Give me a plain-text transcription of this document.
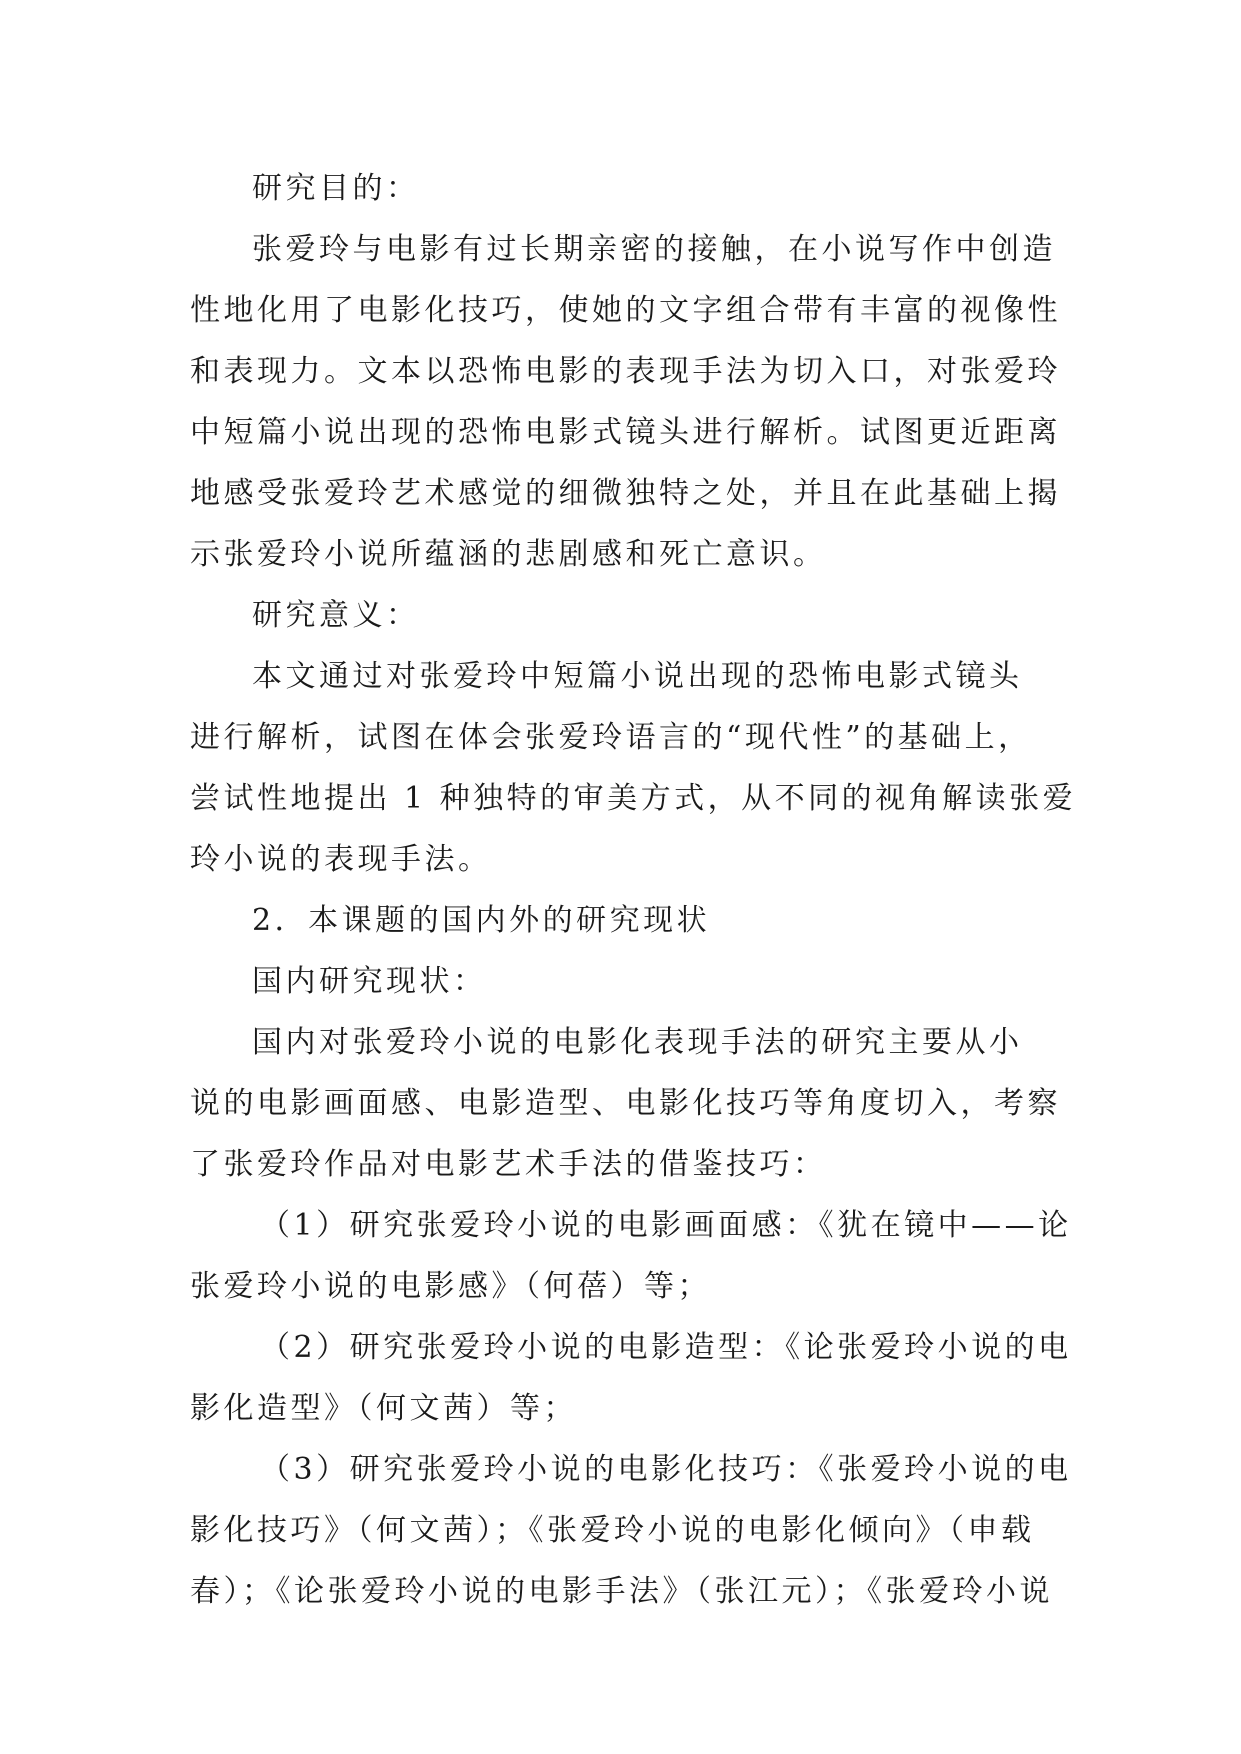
研究目的：
张爱玲与电影有过长期亲密的接触，在小说写作中创造
性地化用了电影化技巧，使她的文字组合带有丰富的视像性
和表现力。文本以恐怖电影的表现手法为切入口，对张爱玲
中短篇小说出现的恐怖电影式镜头进行解析。试图更近距离
地感受张爱玲艺术感觉的细微独特之处，并且在此基础上揭
示张爱玲小说所蕴涵的悲剧感和死亡意识。
研究意义：
本文通过对张爱玲中短篇小说出现的恐怖电影式镜头
进行解析，试图在体会张爱玲语言的“现代性”的基础上，
尝试性地提出 1 种独特的审美方式，从不同的视角解读张爱
玲小说的表现手法。
2．本课题的国内外的研究现状
国内研究现状：
国内对张爱玲小说的电影化表现手法的研究主要从小
说的电影画面感、电影造型、电影化技巧等角度切入，考察
了张爱玲作品对电影艺术手法的借鉴技巧：
（1）研究张爱玲小说的电影画面感：《犹在镜中——论
张爱玲小说的电影感》（何蓓）等；
（2）研究张爱玲小说的电影造型：《论张爱玲小说的电
影化造型》（何文茜）等；
（3）研究张爱玲小说的电影化技巧：《张爱玲小说的电
影化技巧》（何文茜）；《张爱玲小说的电影化倾向》（申载
春）；《论张爱玲小说的电影手法》（张江元）；《张爱玲小说
